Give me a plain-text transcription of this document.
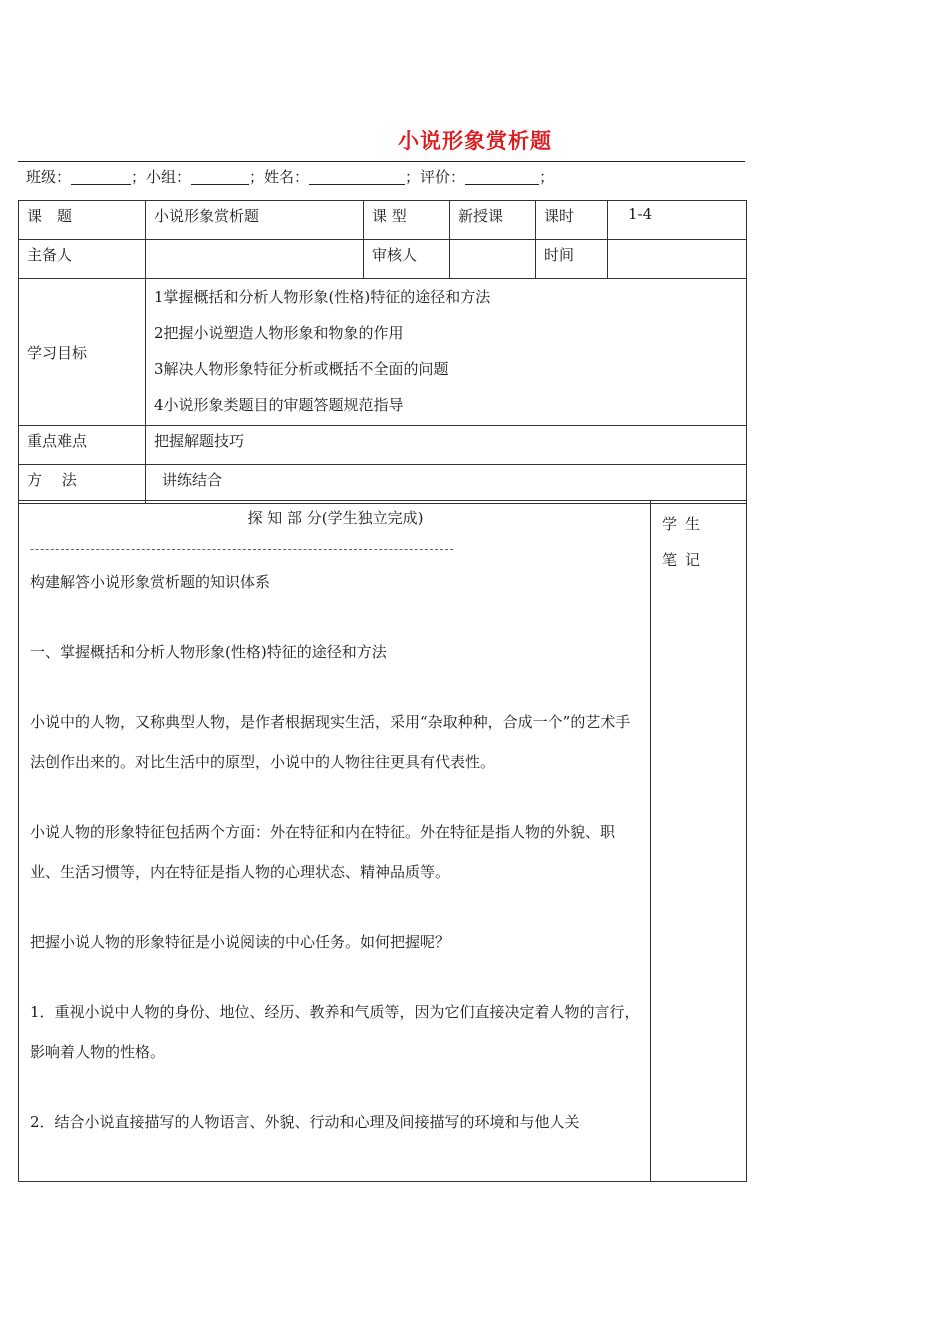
小说形象赏析题
班级：	；小组：	；姓名：	；评价：	；
课　题	小说形象赏析题	课 型	新授课	课时	1-4

主备人		审核人		时间	

学习目标	1掌握概括和分析人物形象(性格)特征的途径和方法
2把握小说塑造人物形象和物象的作用
3解决人物形象特征分析或概括不全面的问题
4小说形象类题目的审题答题规范指导				

重点难点	把握解题技巧				

方　 法	讲练结合				
探 知 部 分(学生独立完成)
------------------------------------------------------------------------------------

构建解答小说形象赏析题的知识体系

一、掌握概括和分析人物形象(性格)特征的途径和方法

小说中的人物，又称典型人物，是作者根据现实生活，采用“杂取种种，合成一个”的艺术手法创作出来的。对比生活中的原型，小说中的人物往往更具有代表性。

小说人物的形象特征包括两个方面：外在特征和内在特征。外在特征是指人物的外貌、职业、生活习惯等，内在特征是指人物的心理状态、精神品质等。

把握小说人物的形象特征是小说阅读的中心任务。如何把握呢？

1．重视小说中人物的身份、地位、经历、教养和气质等，因为它们直接决定着人物的言行，影响着人物的性格。

2．结合小说直接描写的人物语言、外貌、行动和心理及间接描写的环境和与他人关

学生
笔记
